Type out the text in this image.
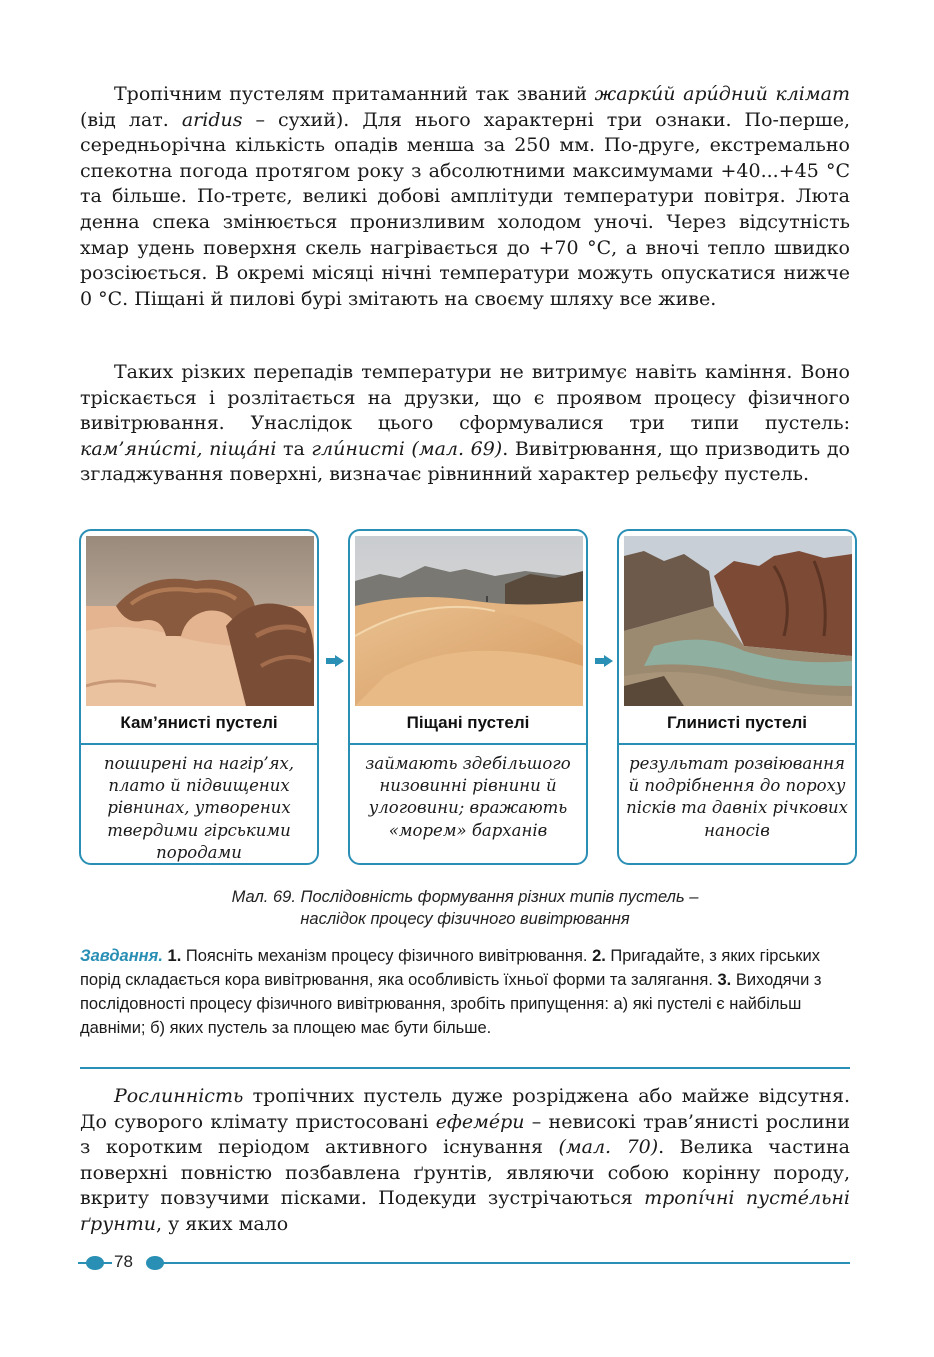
Тропічним пустелям притаманний так званий жарки́й ари́дний клімат (від лат. aridus – сухий). Для нього характерні три ознаки. По-перше, середньорічна кількість опадів менша за 250 мм. По-друге, екстремально спекотна погода протягом року з абсолютними максимумами +40...+45 °С та більше. По-третє, великі добові амплітуди температури повітря. Люта денна спека змінюється пронизливим холодом уночі. Через відсутність хмар удень поверхня скель нагрівається до +70 °С, а вночі тепло швидко розсіюється. В окремі місяці нічні температури можуть опускатися нижче 0 °С. Піщані й пилові бурі змітають на своєму шляху все живе.

Таких різких перепадів температури не витримує навіть каміння. Воно тріскається і розлітається на друзки, що є проявом процесу фізичного вивітрювання. Унаслідок цього сформувалися три типи пустель: кам’яни́сті, піща́ні та гли́нисті (мал. 69). Вивітрювання, що призводить до згладжування поверхні, визначає рівнинний характер рельєфу пустель.

Кам’янисті пустелі
поширені на нагір’ях, плато й підвищених рівнинах, утворених твердими гірськими породами
Піщані пустелі
займають здебільшого низовинні рівнини й улоговини; вражають «морем» барханів
Глинисті пустелі
результат розвіювання й подрібнення до пороху пісків та давніх річкових наносів
Мал. 69. Послідовність формування різних типів пустель –
наслідок процесу фізичного вивітрювання
Завдання. 1. Поясніть механізм процесу фізичного вивітрювання. 2. Пригадайте, з яких гірських порід складається кора вивітрювання, яка особливість їхньої форми та залягання. 3. Виходячи з послідовності процесу фізичного вивітрювання, зробіть припущення: а) які пустелі є найбільш давніми; б) яких пустель за площею має бути більше.

Рослинність тропічних пустель дуже розріджена або майже відсутня. До суворого клімату пристосовані ефеме́ри – невисокі трав’янисті рослини з коротким періодом активного існування (мал. 70). Велика частина поверхні повністю позбавлена ґрунтів, являючи собою корінну породу, вкриту повзучими пісками. Подекуди зустрічаються тропі́чні пусте́льні ґрунти, у яких мало

78
